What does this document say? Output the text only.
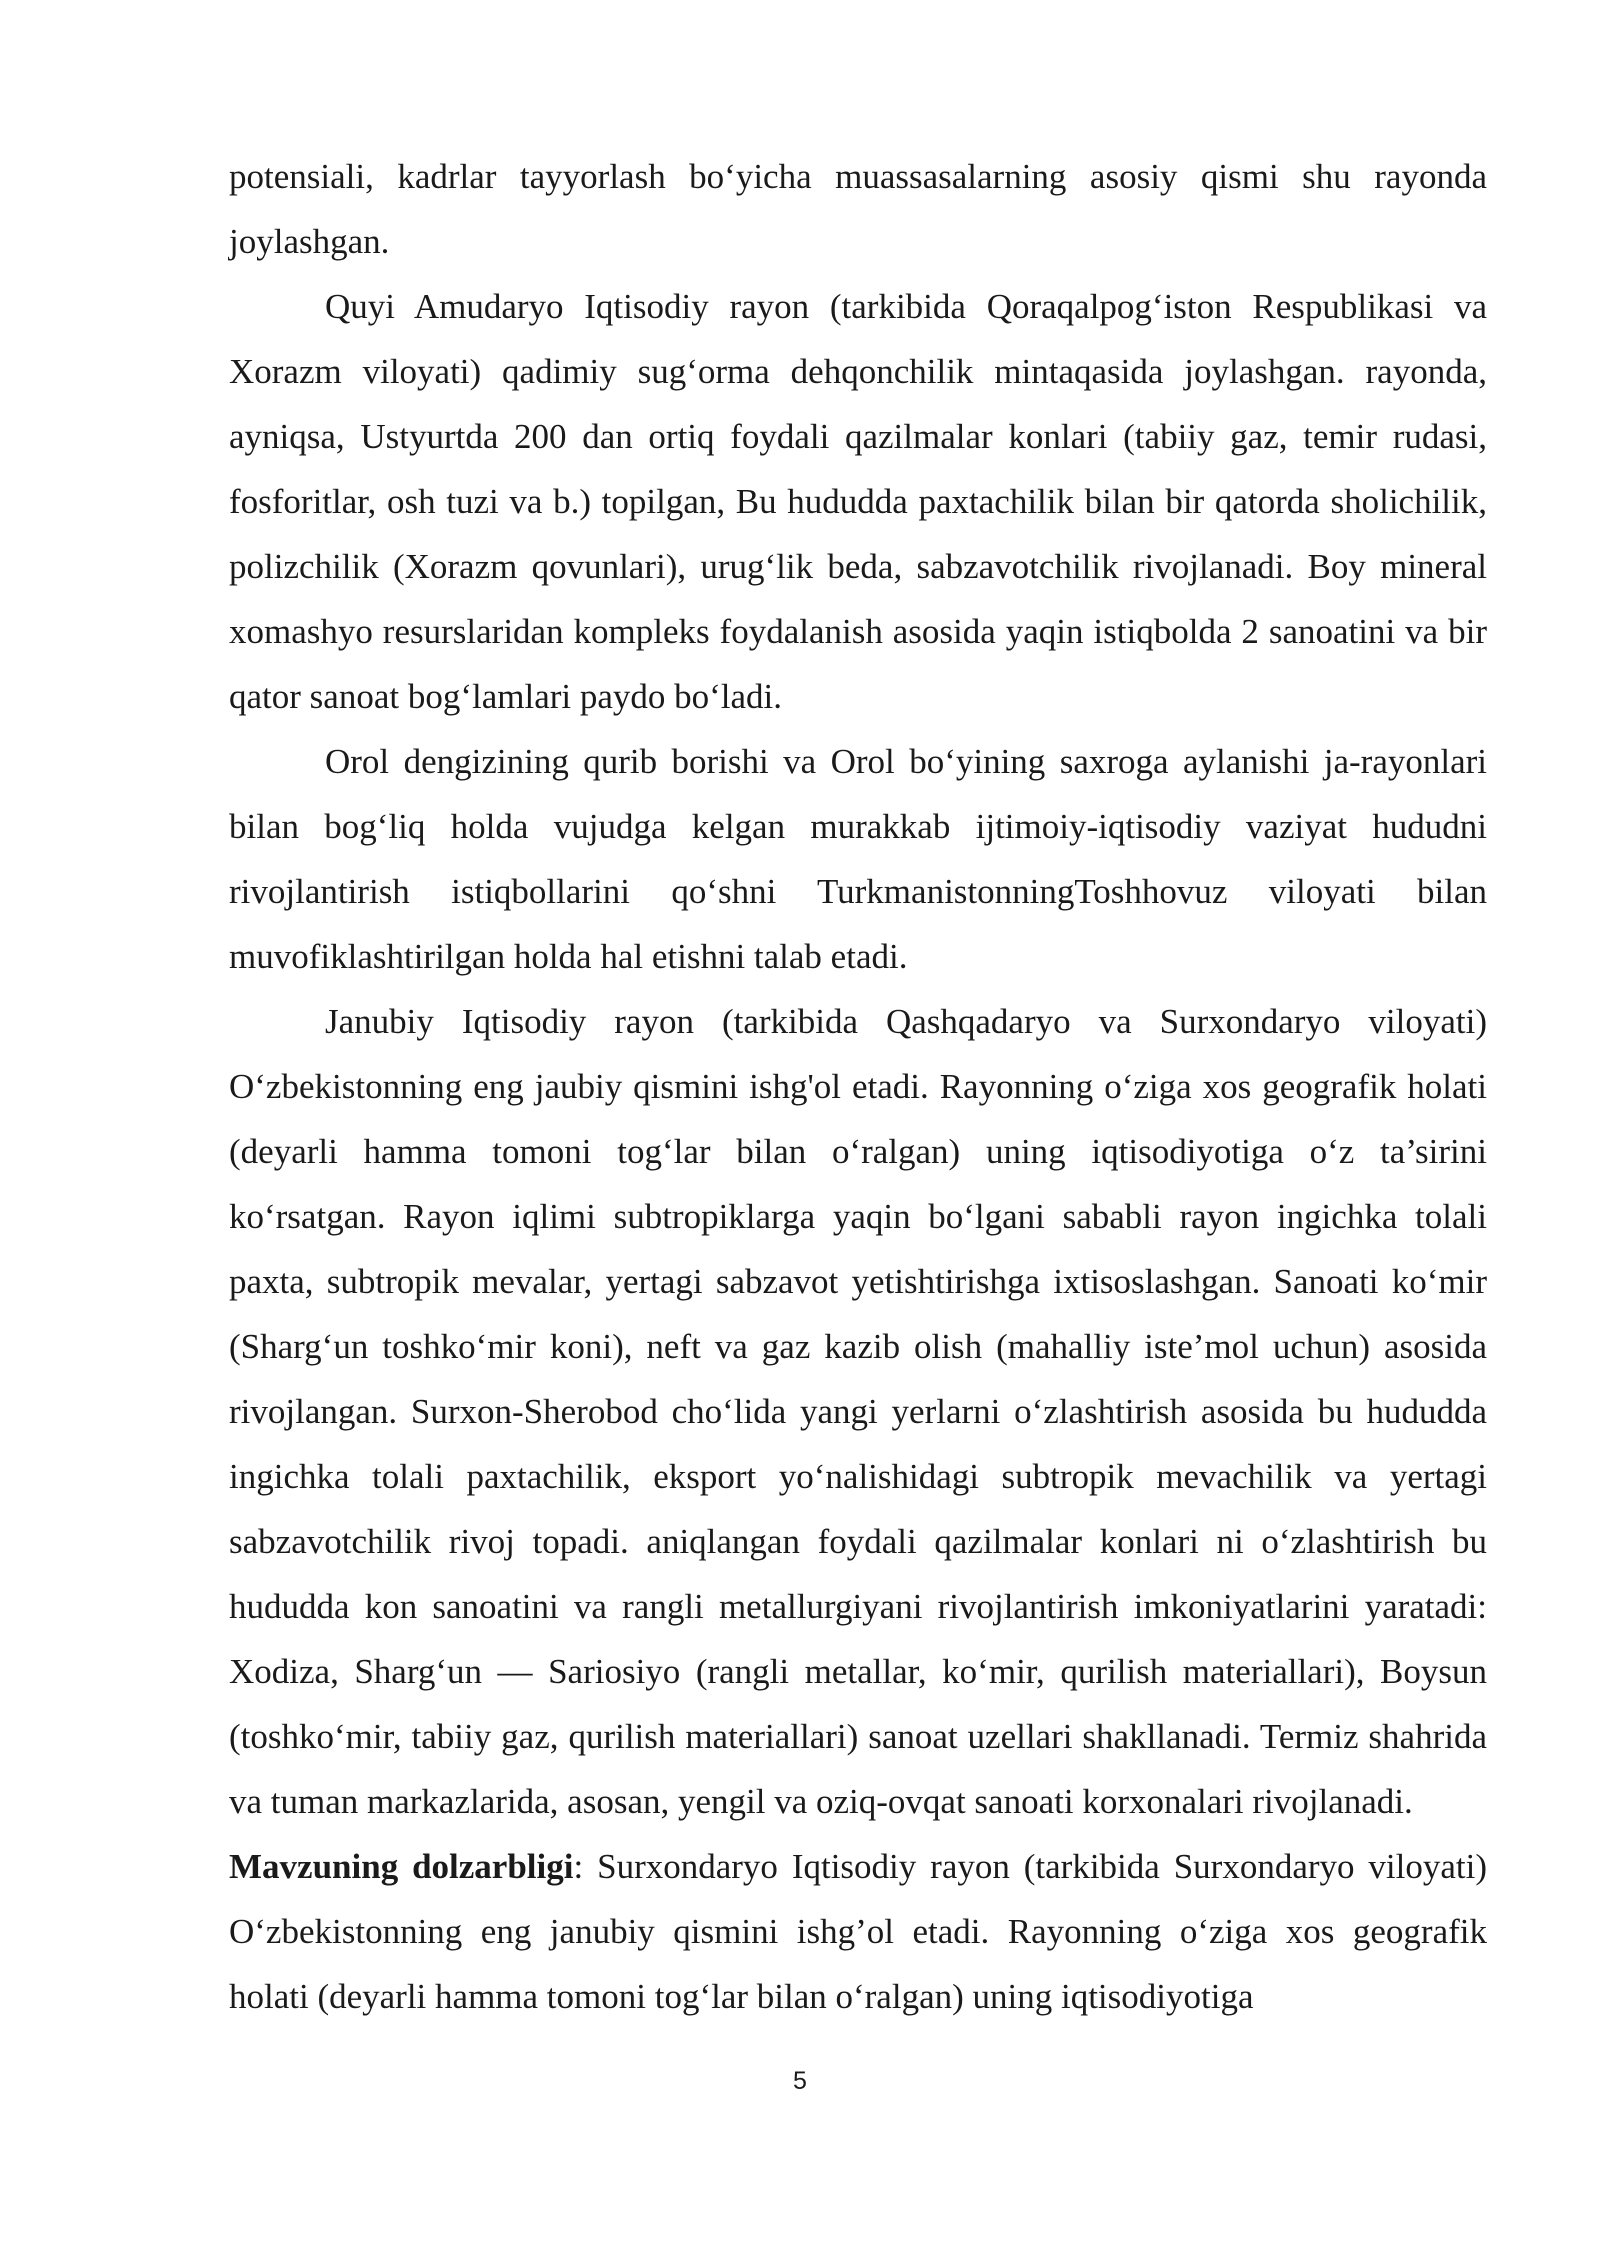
potensiali, kadrlar tayyorlash bo‘yicha muassasalarning asosiy qismi shu rayonda joylashgan.

Quyi Amudaryo Iqtisodiy rayon (tarkibida Qoraqalpog‘iston Respublikasi va Xorazm viloyati) qadimiy sug‘orma dehqonchilik mintaqasida joylashgan. rayonda, ayniqsa, Ustyurtda 200 dan ortiq foydali qazilmalar konlari (tabiiy gaz, temir rudasi, fosforitlar, osh tuzi va b.) topilgan, Bu hududda paxtachilik bilan bir qatorda sholichilik, polizchilik (Xorazm qovunlari), urug‘lik beda, sabzavotchilik rivojlanadi. Boy mineral xomashyo resurslaridan kompleks foydalanish asosida yaqin istiqbolda 2 sanoatini va bir qator sanoat bog‘lamlari paydo bo‘ladi.

Orol dengizining qurib borishi va Orol bo‘yining saxroga aylanishi ja-rayonlari bilan bog‘liq holda vujudga kelgan murakkab ijtimoiy-iqtisodiy vaziyat hududni rivojlantirish istiqbollarini qo‘shni TurkmanistonningToshhovuz viloyati bilan muvofiklashtirilgan holda hal etishni talab etadi.

Janubiy Iqtisodiy rayon (tarkibida Qashqadaryo va Surxondaryo viloyati) O‘zbekistonning eng jaubiy qismini ishg'ol etadi. Rayonning o‘ziga xos geografik holati (deyarli hamma tomoni tog‘lar bilan o‘ralgan) uning iqtisodiyotiga o‘z ta’sirini ko‘rsatgan. Rayon iqlimi subtropiklarga yaqin bo‘lgani sababli rayon ingichka tolali paxta, subtropik mevalar, yertagi sabzavot yetishtirishga ixtisoslashgan. Sanoati ko‘mir (Sharg‘un toshko‘mir koni), neft va gaz kazib olish (mahalliy iste’mol uchun) asosida rivojlangan. Surxon-Sherobod cho‘lida yangi yerlarni o‘zlashtirish asosida bu hududda ingichka tolali paxtachilik, eksport yo‘nalishidagi subtropik mevachilik va yertagi sabzavotchilik rivoj topadi. aniqlangan foydali qazilmalar konlari ni o‘zlashtirish bu hududda kon sanoatini va rangli metallurgiyani rivojlantirish imkoniyatlarini yaratadi: Xodiza, Sharg‘un — Sariosiyo (rangli metallar, ko‘mir, qurilish materiallari), Boysun (toshko‘mir, tabiiy gaz, qurilish materiallari) sanoat uzellari shakllanadi. Termiz shahrida va tuman markazlarida, asosan, yengil va oziq-ovqat sanoati korxonalari rivojlanadi.

Mavzuning dolzarbligi: Surxondaryo Iqtisodiy rayon (tarkibida Surxondaryo viloyati) O‘zbekistonning eng janubiy qismini ishg’ol etadi. Rayonning o‘ziga xos geografik holati (deyarli hamma tomoni tog‘lar bilan o‘ralgan) uning iqtisodiyotiga

5
